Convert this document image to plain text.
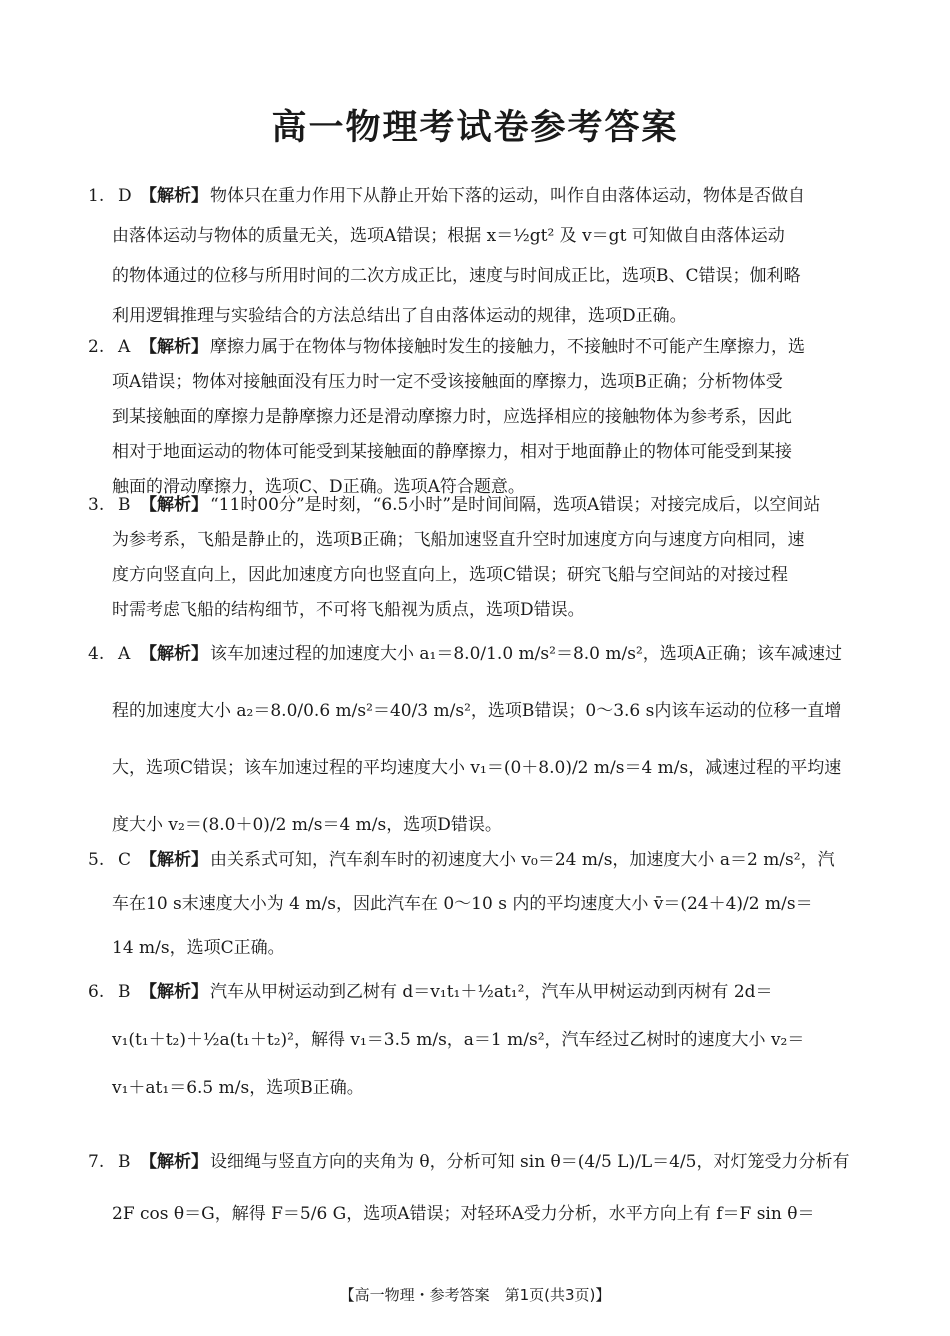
高一物理考试卷参考答案
1. D 【解析】 物体只在重力作用下从静止开始下落的运动，叫作自由落体运动，物体是否做自
由落体运动与物体的质量无关，选项A错误；根据 x＝½gt² 及 v＝gt 可知做自由落体运动
的物体通过的位移与所用时间的二次方成正比，速度与时间成正比，选项B、C错误；伽利略
利用逻辑推理与实验结合的方法总结出了自由落体运动的规律，选项D正确。
2. A 【解析】 摩擦力属于在物体与物体接触时发生的接触力，不接触时不可能产生摩擦力，选
项A错误；物体对接触面没有压力时一定不受该接触面的摩擦力，选项B正确；分析物体受
到某接触面的摩擦力是静摩擦力还是滑动摩擦力时，应选择相应的接触物体为参考系，因此
相对于地面运动的物体可能受到某接触面的静摩擦力，相对于地面静止的物体可能受到某接
触面的滑动摩擦力，选项C、D正确。选项A符合题意。
3. B 【解析】 “11时00分”是时刻，“6.5小时”是时间间隔，选项A错误；对接完成后，以空间站
为参考系，飞船是静止的，选项B正确；飞船加速竖直升空时加速度方向与速度方向相同，速
度方向竖直向上，因此加速度方向也竖直向上，选项C错误；研究飞船与空间站的对接过程
时需考虑飞船的结构细节，不可将飞船视为质点，选项D错误。
4. A 【解析】 该车加速过程的加速度大小 a₁＝8.0/1.0 m/s²＝8.0 m/s²，选项A正确；该车减速过
程的加速度大小 a₂＝8.0/0.6 m/s²＝40/3 m/s²，选项B错误；0～3.6 s内该车运动的位移一直增
大，选项C错误；该车加速过程的平均速度大小 v₁＝(0＋8.0)/2 m/s＝4 m/s，减速过程的平均速
度大小 v₂＝(8.0＋0)/2 m/s＝4 m/s，选项D错误。
5. C 【解析】 由关系式可知，汽车刹车时的初速度大小 v₀＝24 m/s，加速度大小 a＝2 m/s²，汽
车在10 s末速度大小为 4 m/s，因此汽车在 0～10 s 内的平均速度大小 v̄＝(24＋4)/2 m/s＝
14 m/s，选项C正确。
6. B 【解析】 汽车从甲树运动到乙树有 d＝v₁t₁＋½at₁²，汽车从甲树运动到丙树有 2d＝
v₁(t₁＋t₂)＋½a(t₁＋t₂)²，解得 v₁＝3.5 m/s，a＝1 m/s²，汽车经过乙树时的速度大小 v₂＝
v₁＋at₁＝6.5 m/s，选项B正确。
7. B 【解析】 设细绳与竖直方向的夹角为 θ，分析可知 sin θ＝(4/5 L)/L＝4/5，对灯笼受力分析有
2F cos θ＝G，解得 F＝5/6 G，选项A错误；对轻环A受力分析，水平方向上有 f＝F sin θ＝
【高一物理・参考答案　第1页(共3页)】
